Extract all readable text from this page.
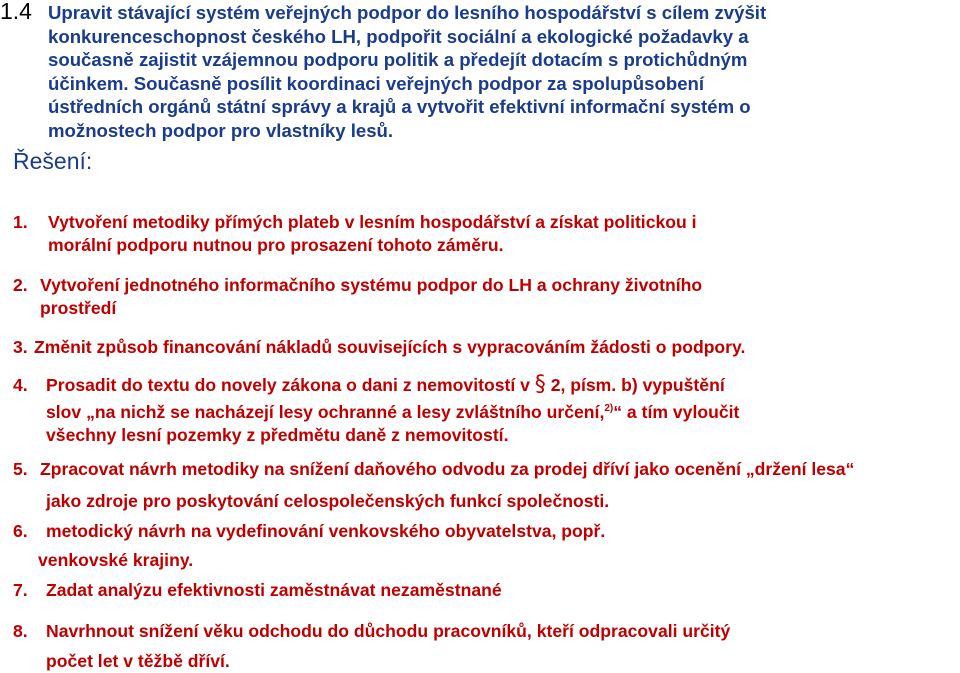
1.4 Upravit stávající systém veřejných podpor do lesního hospodářství s cílem zvýšit
konkurenceschopnost českého LH, podpořit sociální a ekologické požadavky a
současně zajistit vzájemnou podporu politik a předejít dotacím s protichůdným
účinkem. Současně posílit koordinaci veřejných podpor za spolupůsobení
ústředních orgánů státní správy a krajů a vytvořit efektivní informační systém o
možnostech podpor pro vlastníky lesů.
Řešení:
1. Vytvoření metodiky přímých plateb v lesním hospodářství a získat politickou i
morální podporu nutnou pro prosazení tohoto záměru.
2. Vytvoření jednotného informačního systému podpor do LH a ochrany životního
prostředí
3. Změnit způsob financování nákladů souvisejících s vypracováním žádosti o podpory.
4. Prosadit do textu do novely zákona o dani z nemovitostí v § 2, písm. b) vypuštění
slov „na nichž se nacházejí lesy ochranné a lesy zvláštního určení,$^{2)}$“ a tím vyloučit
všechny lesní pozemky z předmětu daně z nemovitostí.
5. Zpracovat návrh metodiky na snížení daňového odvodu za prodej dříví jako ocenění „držení lesa“
jako zdroje pro poskytování celospolečenských funkcí společnosti.
6. metodický návrh na vydefinování venkovského obyvatelstva, popř.
venkovské krajiny.
7. Zadat analýzu efektivnosti zaměstnávat nezaměstnané
8. Navrhnout snížení věku odchodu do důchodu pracovníků, kteří odpracovali určitý
počet let v těžbě dříví.
